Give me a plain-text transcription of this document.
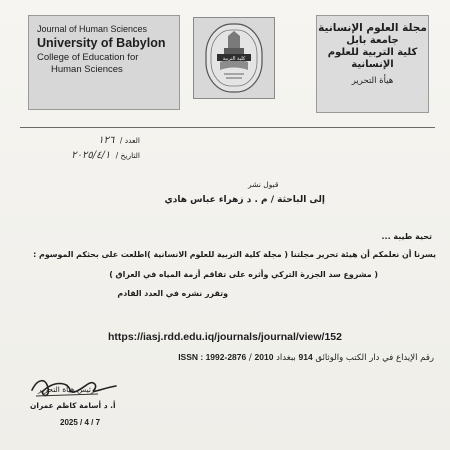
Journal of Human Sciences
University of Babylon
College of Education for
Human Sciences
كلية التربية
مجلة العلوم الإنسانية
جامعة بابل
كلية التربية للعلوم
الإنسانية
هيأة التحرير
العدد / ١٢٦
التاريخ / ٢٠٢٥/٤/١
قبول نشر
إلى الباحثة / م . د زهراء عباس هادي
تحية طيبة ...
يسرنا أن نعلمكم أن هيئة تحرير مجلتنا ( مجلة كلية التربية للعلوم الانسانية )اطلعت على بحثكم الموسوم :
( مشروع سد الجزرة التركي وأثره على تفاقم أزمة المياه في العراق )
وتقرر نشره في العدد القادم
https://iasj.rdd.edu.iq/journals/journal/view/152
رقم الإيداع في دار الكتب والوثائق 914 ببغداد 2010 / ISSN : 1992-2876
رئيس هيأة التحرير
أ. د أسامة كاظم عمران
2025 / 4 / 7
